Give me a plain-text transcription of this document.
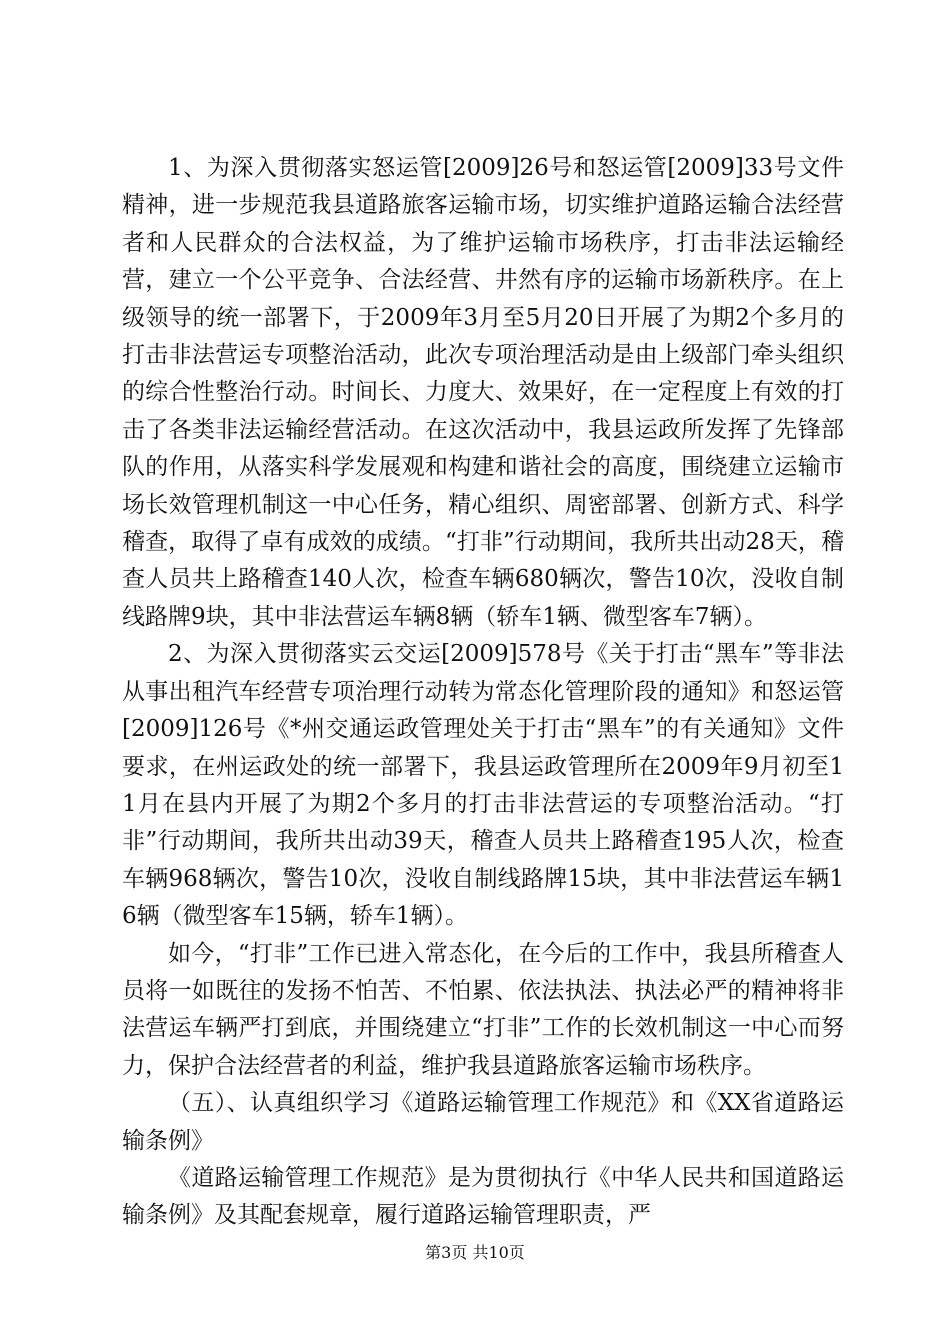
1、为深入贯彻落实怒运管[2009]26号和怒运管[2009]33号文件精神，进一步规范我县道路旅客运输市场，切实维护道路运输合法经营者和人民群众的合法权益，为了维护运输市场秩序，打击非法运输经营，建立一个公平竞争、合法经营、井然有序的运输市场新秩序。在上级领导的统一部署下，于2009年3月至5月20日开展了为期2个多月的打击非法营运专项整治活动，此次专项治理活动是由上级部门牵头组织的综合性整治行动。时间长、力度大、效果好，在一定程度上有效的打击了各类非法运输经营活动。在这次活动中，我县运政所发挥了先锋部队的作用，从落实科学发展观和构建和谐社会的高度，围绕建立运输市场长效管理机制这一中心任务，精心组织、周密部署、创新方式、科学稽查，取得了卓有成效的成绩。“打非”行动期间，我所共出动28天，稽查人员共上路稽查140人次，检查车辆680辆次，警告10次，没收自制线路牌9块，其中非法营运车辆8辆（轿车1辆、微型客车7辆）。

2、为深入贯彻落实云交运[2009]578号《关于打击“黑车”等非法从事出租汽车经营专项治理行动转为常态化管理阶段的通知》和怒运管[2009]126号《*州交通运政管理处关于打击“黑车”的有关通知》文件要求，在州运政处的统一部署下，我县运政管理所在2009年9月初至11月在县内开展了为期2个多月的打击非法营运的专项整治活动。“打非”行动期间，我所共出动39天，稽查人员共上路稽查195人次，检查车辆968辆次，警告10次，没收自制线路牌15块，其中非法营运车辆16辆（微型客车15辆，轿车1辆）。

如今，“打非”工作已进入常态化，在今后的工作中，我县所稽查人员将一如既往的发扬不怕苦、不怕累、依法执法、执法必严的精神将非法营运车辆严打到底，并围绕建立“打非”工作的长效机制这一中心而努力，保护合法经营者的利益，维护我县道路旅客运输市场秩序。

（五）、认真组织学习《道路运输管理工作规范》和《XX省道路运输条例》

《道路运输管理工作规范》是为贯彻执行《中华人民共和国道路运输条例》及其配套规章，履行道路运输管理职责，严

第3页 共10页
